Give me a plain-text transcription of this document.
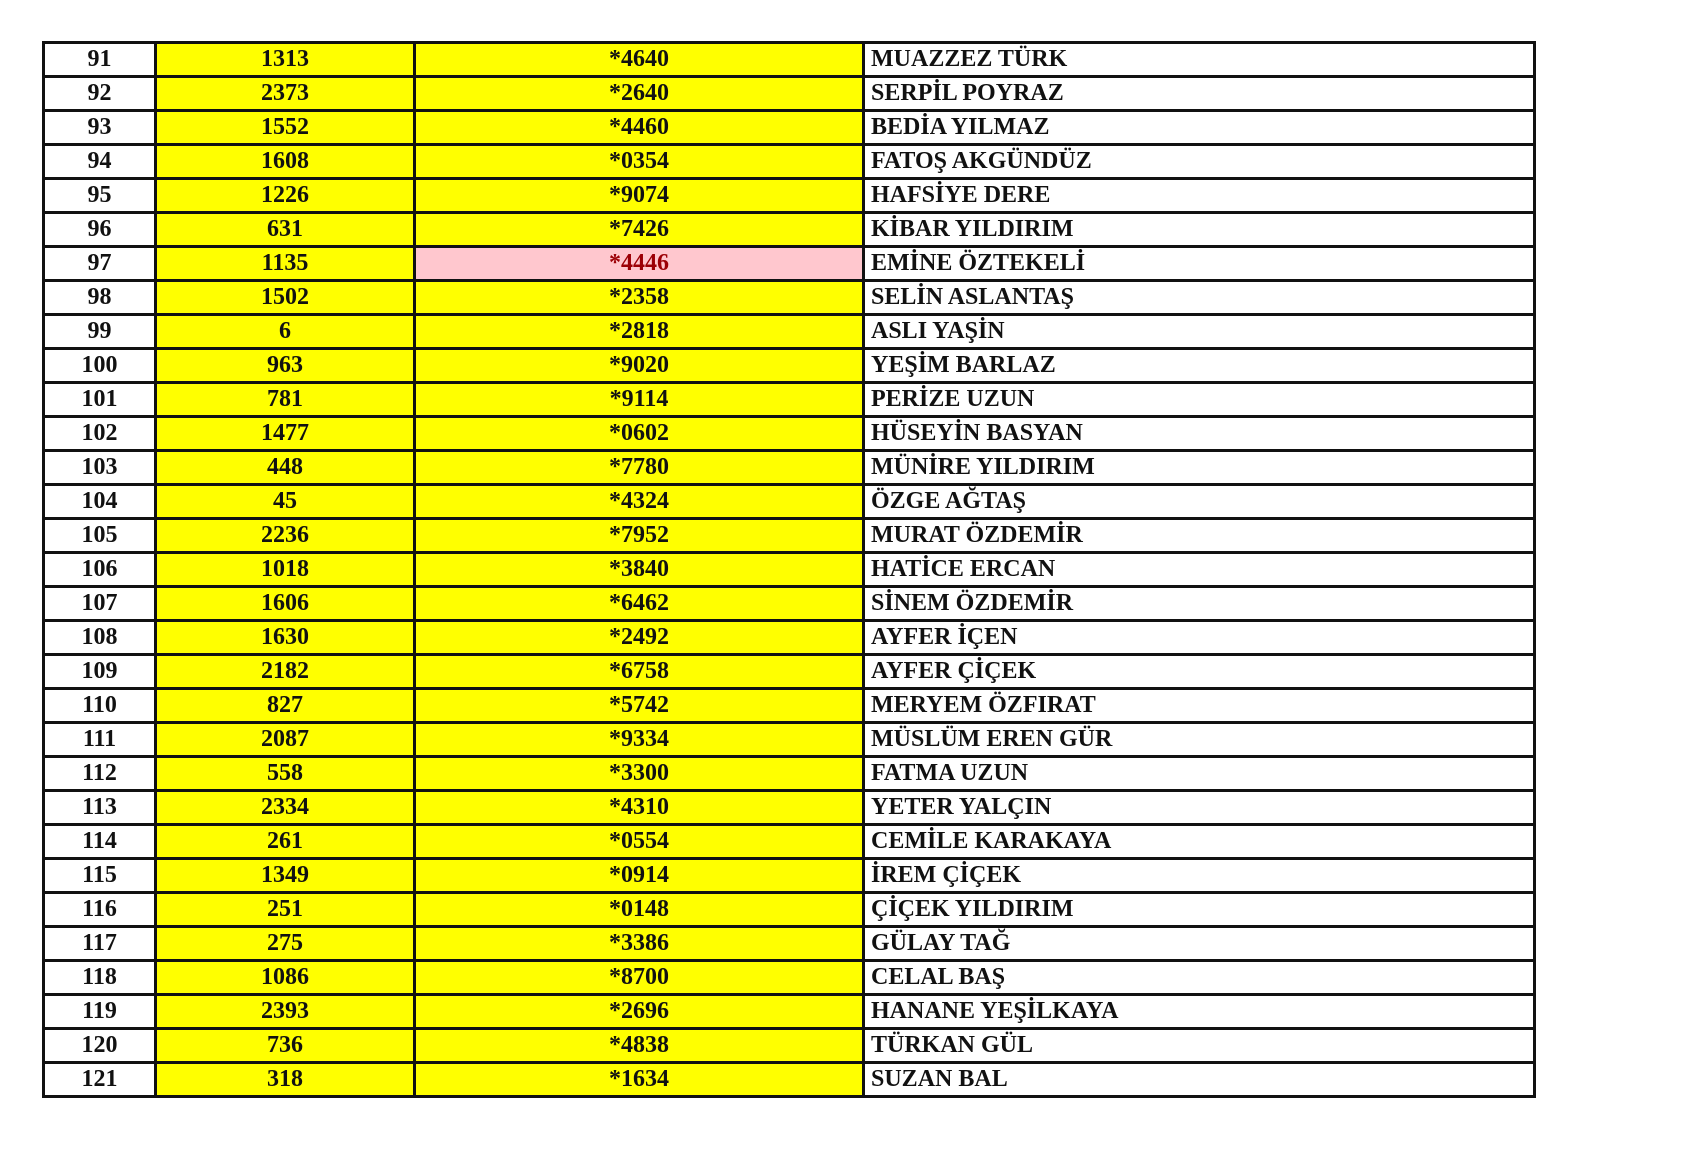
91	1313	*4640	MUAZZEZ TÜRK
92	2373	*2640	SERPİL POYRAZ
93	1552	*4460	BEDİA YILMAZ
94	1608	*0354	FATOŞ AKGÜNDÜZ
95	1226	*9074	HAFSİYE DERE
96	631	*7426	KİBAR YILDIRIM
97	1135	*4446	EMİNE ÖZTEKELİ
98	1502	*2358	SELİN ASLANTAŞ
99	6	*2818	ASLI YAŞİN
100	963	*9020	YEŞİM BARLAZ
101	781	*9114	PERİZE UZUN
102	1477	*0602	HÜSEYİN BASYAN
103	448	*7780	MÜNİRE YILDIRIM
104	45	*4324	ÖZGE AĞTAŞ
105	2236	*7952	MURAT ÖZDEMİR
106	1018	*3840	HATİCE ERCAN
107	1606	*6462	SİNEM ÖZDEMİR
108	1630	*2492	AYFER İÇEN
109	2182	*6758	AYFER ÇİÇEK
110	827	*5742	MERYEM ÖZFIRAT
111	2087	*9334	MÜSLÜM EREN GÜR
112	558	*3300	FATMA UZUN
113	2334	*4310	YETER YALÇIN
114	261	*0554	CEMİLE KARAKAYA
115	1349	*0914	İREM ÇİÇEK
116	251	*0148	ÇİÇEK YILDIRIM
117	275	*3386	GÜLAY TAĞ
118	1086	*8700	CELAL BAŞ
119	2393	*2696	HANANE YEŞİLKAYA
120	736	*4838	TÜRKAN GÜL
121	318	*1634	SUZAN BAL
